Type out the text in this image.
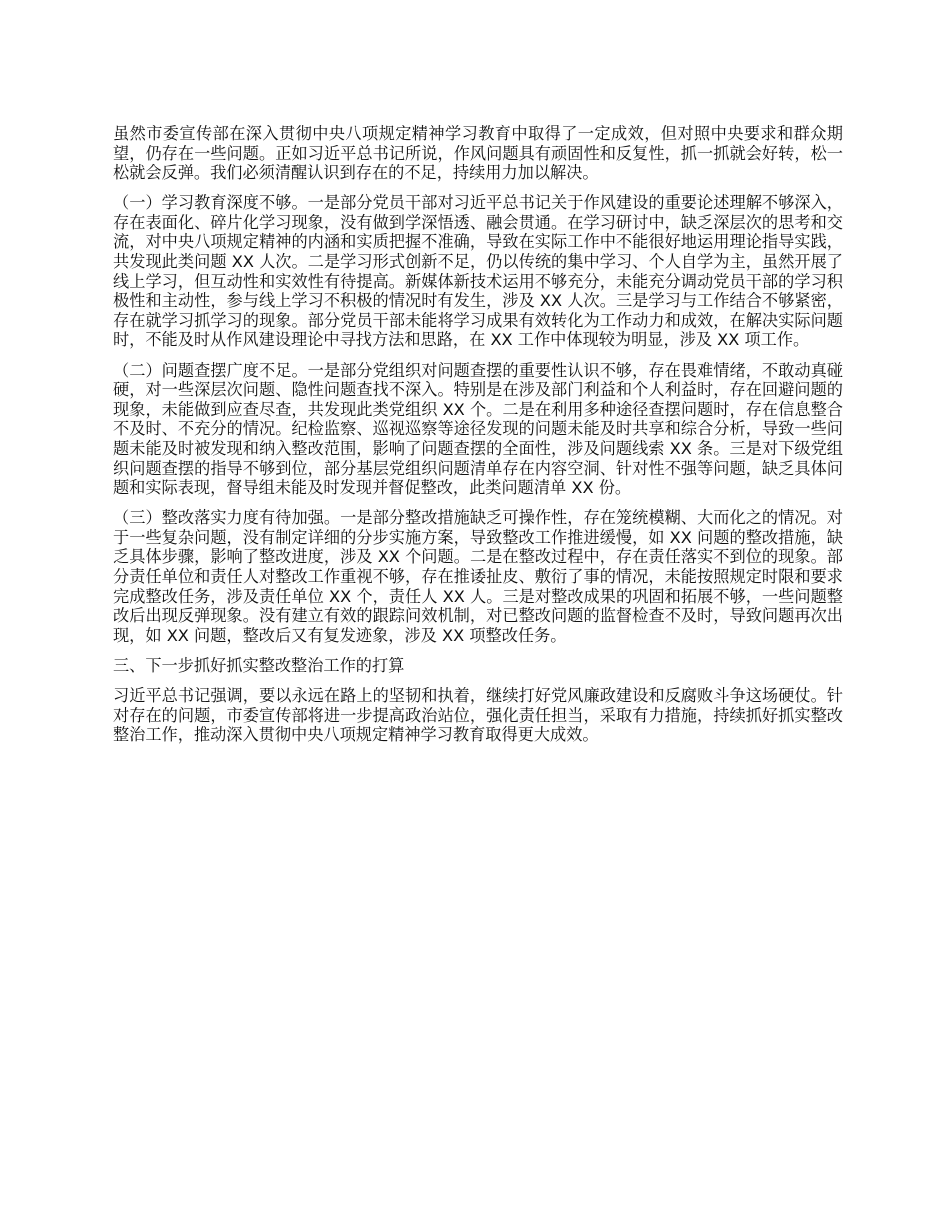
虽然市委宣传部在深入贯彻中央八项规定精神学习教育中取得了一定成效，但对照中央要求和群众期望，仍存在一些问题。正如习近平总书记所说，作风问题具有顽固性和反复性，抓一抓就会好转，松一松就会反弹。我们必须清醒认识到存在的不足，持续用力加以解决。

（一）学习教育深度不够。一是部分党员干部对习近平总书记关于作风建设的重要论述理解不够深入，存在表面化、碎片化学习现象，没有做到学深悟透、融会贯通。在学习研讨中，缺乏深层次的思考和交流，对中央八项规定精神的内涵和实质把握不准确，导致在实际工作中不能很好地运用理论指导实践，共发现此类问题 XX 人次。二是学习形式创新不足，仍以传统的集中学习、个人自学为主，虽然开展了线上学习，但互动性和实效性有待提高。新媒体新技术运用不够充分，未能充分调动党员干部的学习积极性和主动性，参与线上学习不积极的情况时有发生，涉及 XX 人次。三是学习与工作结合不够紧密，存在就学习抓学习的现象。部分党员干部未能将学习成果有效转化为工作动力和成效，在解决实际问题时，不能及时从作风建设理论中寻找方法和思路，在 XX 工作中体现较为明显，涉及 XX 项工作。

（二）问题查摆广度不足。一是部分党组织对问题查摆的重要性认识不够，存在畏难情绪，不敢动真碰硬，对一些深层次问题、隐性问题查找不深入。特别是在涉及部门利益和个人利益时，存在回避问题的现象，未能做到应查尽查，共发现此类党组织 XX 个。二是在利用多种途径查摆问题时，存在信息整合不及时、不充分的情况。纪检监察、巡视巡察等途径发现的问题未能及时共享和综合分析，导致一些问题未能及时被发现和纳入整改范围，影响了问题查摆的全面性，涉及问题线索 XX 条。三是对下级党组织问题查摆的指导不够到位，部分基层党组织问题清单存在内容空洞、针对性不强等问题，缺乏具体问题和实际表现，督导组未能及时发现并督促整改，此类问题清单 XX 份。

（三）整改落实力度有待加强。一是部分整改措施缺乏可操作性，存在笼统模糊、大而化之的情况。对于一些复杂问题，没有制定详细的分步实施方案，导致整改工作推进缓慢，如 XX 问题的整改措施，缺乏具体步骤，影响了整改进度，涉及 XX 个问题。二是在整改过程中，存在责任落实不到位的现象。部分责任单位和责任人对整改工作重视不够，存在推诿扯皮、敷衍了事的情况，未能按照规定时限和要求完成整改任务，涉及责任单位 XX 个，责任人 XX 人。三是对整改成果的巩固和拓展不够，一些问题整改后出现反弹现象。没有建立有效的跟踪问效机制，对已整改问题的监督检查不及时，导致问题再次出现，如 XX 问题，整改后又有复发迹象，涉及 XX 项整改任务。

三、下一步抓好抓实整改整治工作的打算

习近平总书记强调，要以永远在路上的坚韧和执着，继续打好党风廉政建设和反腐败斗争这场硬仗。针对存在的问题，市委宣传部将进一步提高政治站位，强化责任担当，采取有力措施，持续抓好抓实整改整治工作，推动深入贯彻中央八项规定精神学习教育取得更大成效。
